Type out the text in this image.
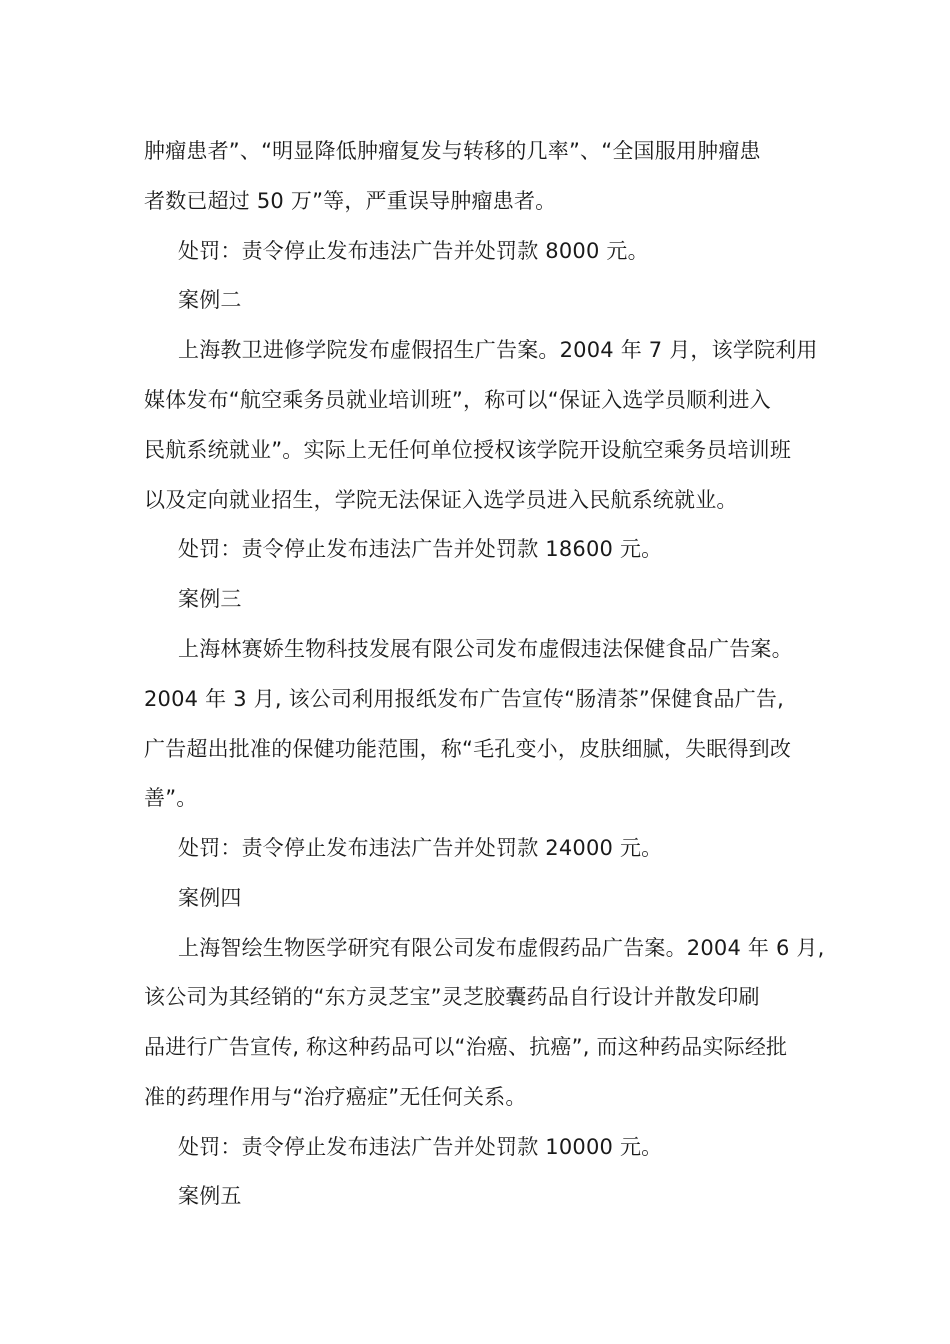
肿瘤患者”、“明显降低肿瘤复发与转移的几率”、“全国服用肿瘤患
者数已超过 50 万”等，严重误导肿瘤患者。
处罚：责令停止发布违法广告并处罚款 8000 元。
案例二
上海教卫进修学院发布虚假招生广告案。2004 年 7 月，该学院利用
媒体发布“航空乘务员就业培训班”，称可以“保证入选学员顺利进入
民航系统就业”。实际上无任何单位授权该学院开设航空乘务员培训班
以及定向就业招生，学院无法保证入选学员进入民航系统就业。
处罚：责令停止发布违法广告并处罚款 18600 元。
案例三
上海林赛娇生物科技发展有限公司发布虚假违法保健食品广告案。
2004 年 3 月, 该公司利用报纸发布广告宣传“肠清茶”保健食品广告,
广告超出批准的保健功能范围，称“毛孔变小，皮肤细腻，失眠得到改
善”。
处罚：责令停止发布违法广告并处罚款 24000 元。
案例四
上海智绘生物医学研究有限公司发布虚假药品广告案。2004 年 6 月,
该公司为其经销的“东方灵芝宝”灵芝胶囊药品自行设计并散发印刷
品进行广告宣传, 称这种药品可以“治癌、抗癌”, 而这种药品实际经批
准的药理作用与“治疗癌症”无任何关系。
处罚：责令停止发布违法广告并处罚款 10000 元。
案例五
